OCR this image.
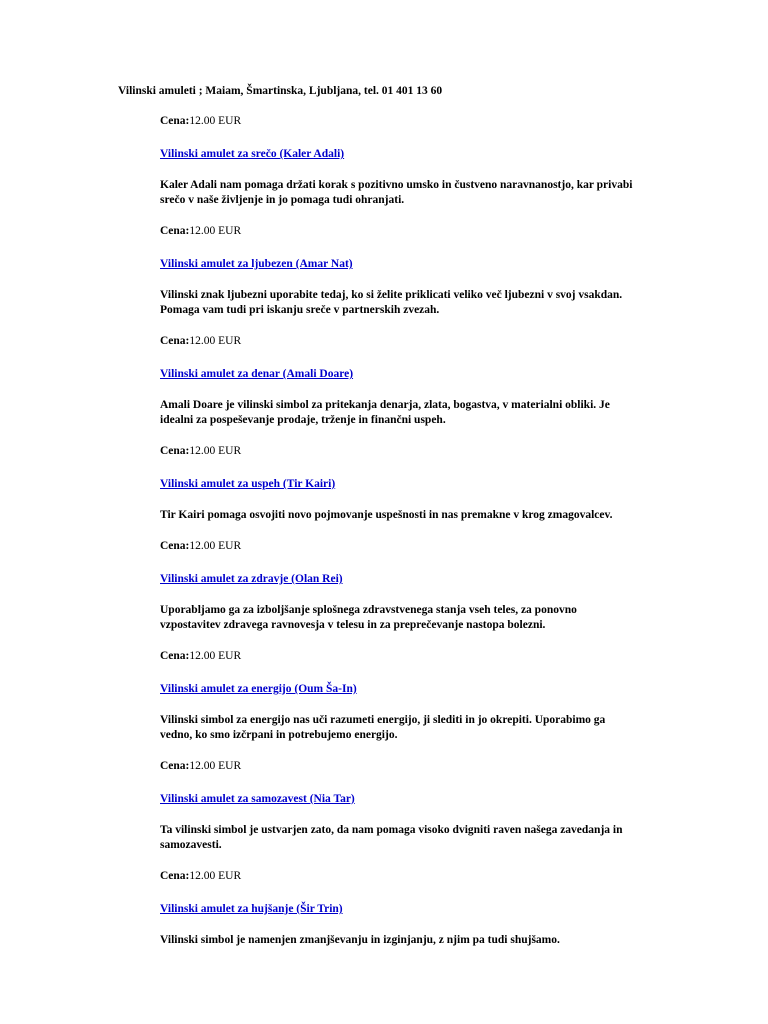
Vilinski amuleti ; Maiam, Šmartinska, Ljubljana, tel. 01 401 13 60
Cena:12.00 EUR
Vilinski amulet za srečo (Kaler Adali)
Kaler Adali nam pomaga držati korak s pozitivno umsko in čustveno naravnanostjo, kar privabi srečo v naše življenje in jo pomaga tudi ohranjati.
Cena:12.00 EUR
Vilinski amulet za ljubezen (Amar Nat)
Vilinski znak ljubezni uporabite tedaj, ko si želite priklicati veliko več ljubezni v svoj vsakdan. Pomaga vam tudi pri iskanju sreče v partnerskih zvezah.
Cena:12.00 EUR
Vilinski amulet za denar (Amali Doare)
Amali Doare je vilinski simbol za pritekanja denarja, zlata, bogastva, v materialni obliki. Je idealni za pospeševanje prodaje, trženje in finančni uspeh.
Cena:12.00 EUR
Vilinski amulet za uspeh (Tir Kairi)
Tir Kairi pomaga osvojiti novo pojmovanje uspešnosti in nas premakne v krog zmagovalcev.
Cena:12.00 EUR
Vilinski amulet za zdravje (Olan Rei)
Uporabljamo ga za izboljšanje splošnega zdravstvenega stanja vseh teles, za ponovno vzpostavitev zdravega ravnovesja v telesu in za preprečevanje nastopa bolezni.
Cena:12.00 EUR
Vilinski amulet za energijo (Oum Ša-In)
Vilinski simbol za energijo nas uči razumeti energijo, ji slediti in jo okrepiti. Uporabimo ga vedno, ko smo izčrpani in potrebujemo energijo.
Cena:12.00 EUR
Vilinski amulet za samozavest (Nia Tar)
Ta vilinski simbol je ustvarjen zato, da nam pomaga visoko dvigniti raven našega zavedanja in samozavesti.
Cena:12.00 EUR
Vilinski amulet za hujšanje (Šir Trin)
Vilinski simbol je namenjen zmanjševanju in izginjanju, z njim pa tudi shujšamo.
